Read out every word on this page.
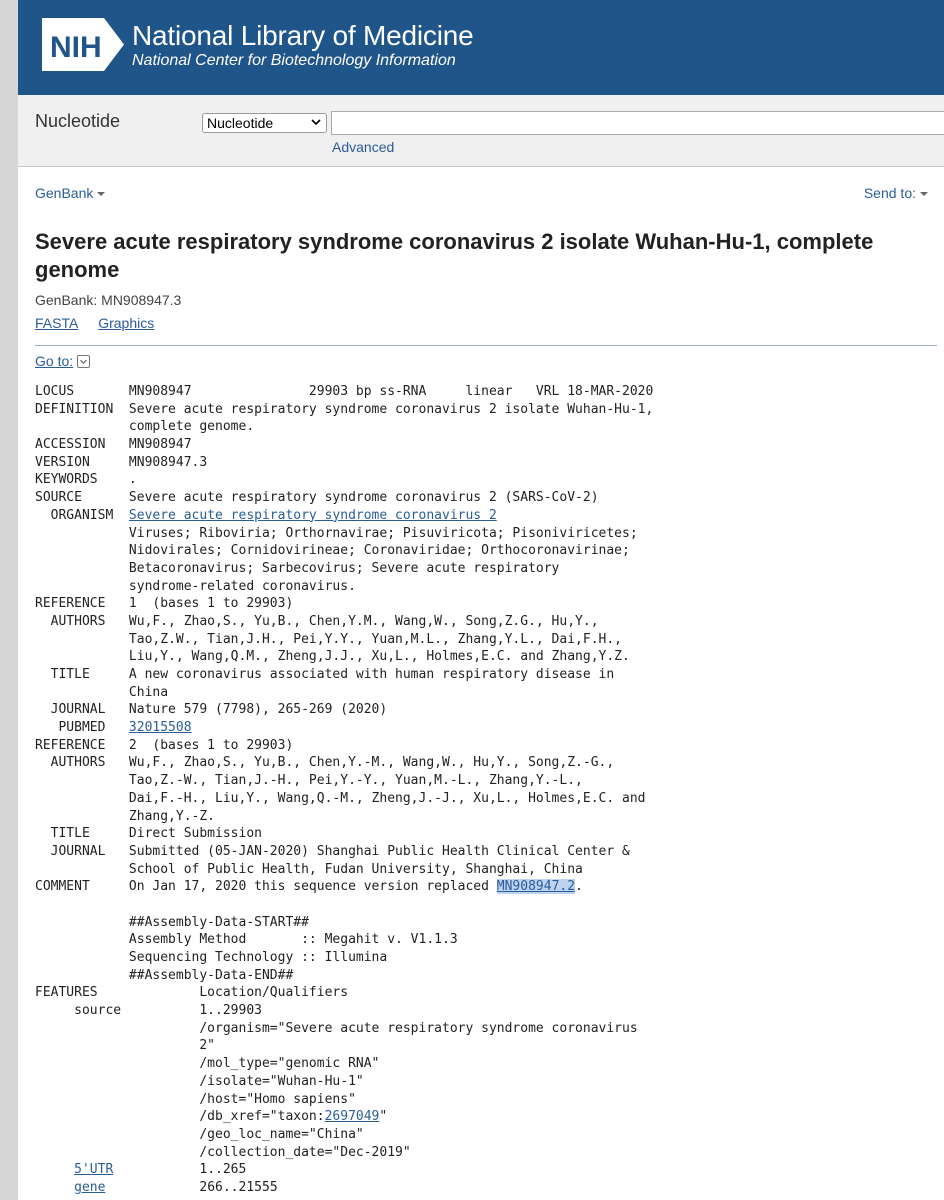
NIH National Library of Medicine
National Center for Biotechnology Information
Nucleotide	Nucleotide
Advanced
GenBank	Send to:
Severe acute respiratory syndrome coronavirus 2 isolate Wuhan-Hu-1, complete genome
GenBank: MN908947.3
FASTA Graphics
Go to:
LOCUS       MN908947               29903 bp ss-RNA     linear   VRL 18-MAR-2020
DEFINITION  Severe acute respiratory syndrome coronavirus 2 isolate Wuhan-Hu-1,
complete genome.
ACCESSION   MN908947
VERSION     MN908947.3
KEYWORDS    .
SOURCE      Severe acute respiratory syndrome coronavirus 2 (SARS-CoV-2)
ORGANISM  Severe acute respiratory syndrome coronavirus 2
Viruses; Riboviria; Orthornavirae; Pisuviricota; Pisoniviricetes;
Nidovirales; Cornidovirineae; Coronaviridae; Orthocoronavirinae;
Betacoronavirus; Sarbecovirus; Severe acute respiratory
syndrome-related coronavirus.
REFERENCE   1  (bases 1 to 29903)
AUTHORS   Wu,F., Zhao,S., Yu,B., Chen,Y.M., Wang,W., Song,Z.G., Hu,Y.,
Tao,Z.W., Tian,J.H., Pei,Y.Y., Yuan,M.L., Zhang,Y.L., Dai,F.H.,
Liu,Y., Wang,Q.M., Zheng,J.J., Xu,L., Holmes,E.C. and Zhang,Y.Z.
TITLE     A new coronavirus associated with human respiratory disease in
China
JOURNAL   Nature 579 (7798), 265-269 (2020)
PUBMED   32015508
REFERENCE   2  (bases 1 to 29903)
AUTHORS   Wu,F., Zhao,S., Yu,B., Chen,Y.-M., Wang,W., Hu,Y., Song,Z.-G.,
Tao,Z.-W., Tian,J.-H., Pei,Y.-Y., Yuan,M.-L., Zhang,Y.-L.,
Dai,F.-H., Liu,Y., Wang,Q.-M., Zheng,J.-J., Xu,L., Holmes,E.C. and
Zhang,Y.-Z.
TITLE     Direct Submission
JOURNAL   Submitted (05-JAN-2020) Shanghai Public Health Clinical Center &
School of Public Health, Fudan University, Shanghai, China
COMMENT     On Jan 17, 2020 this sequence version replaced MN908947.2.
##Assembly-Data-START##
Assembly Method       :: Megahit v. V1.1.3
Sequencing Technology :: Illumina
##Assembly-Data-END##
FEATURES             Location/Qualifiers
source          1..29903
/organism="Severe acute respiratory syndrome coronavirus
2"
/mol_type="genomic RNA"
/isolate="Wuhan-Hu-1"
/host="Homo sapiens"
/db_xref="taxon:2697049"
/geo_loc_name="China"
/collection_date="Dec-2019"
5'UTR           1..265
gene            266..21555
